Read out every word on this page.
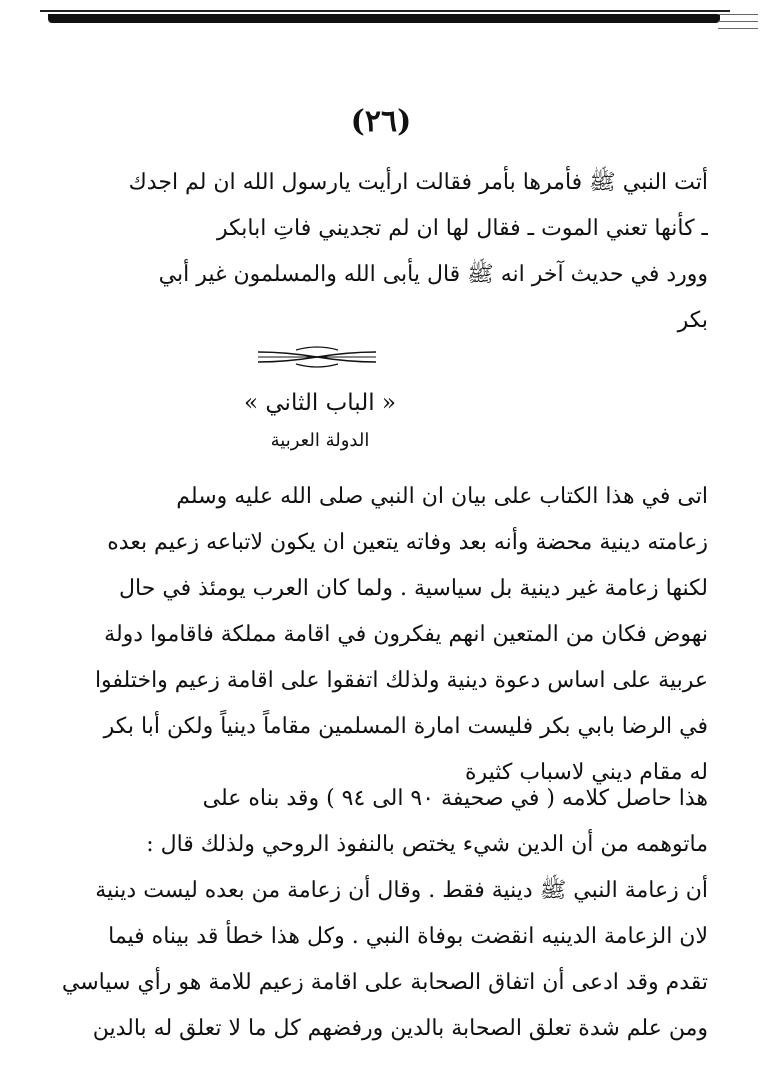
(٢٦)
أتت النبي ﷺ فأمرها بأمر فقالت ارأيت يارسول الله ان لم اجدك
ـ كأنها تعني الموت ـ فقال لها ان لم تجديني فاتِ ابابكر
وورد في حديث آخر انه ﷺ قال يأبى الله والمسلمون غير أبي
بكر
« الباب الثاني »
الدولة العربية
اتى في هذا الكتاب على بيان ان النبي صلى الله عليه وسلم
زعامته دينية محضة وأنه بعد وفاته يتعين ان يكون لاتباعه زعيم بعده
لكنها زعامة غير دينية بل سياسية . ولما كان العرب يومئذ في حال
نهوض فكان من المتعين انهم يفكرون في اقامة مملكة فاقاموا دولة
عربية على اساس دعوة دينية ولذلك اتفقوا على اقامة زعيم واختلفوا
في الرضا بابي بكر فليست امارة المسلمين مقاماً دينياً ولكن أبا بكر
له مقام ديني لاسباب كثيرة
هذا حاصل كلامه ( في صحيفة ٩٠ الى ٩٤ ) وقد بناه على
ماتوهمه من أن الدين شيء يختص بالنفوذ الروحي ولذلك قال :
أن زعامة النبي ﷺ دينية فقط . وقال أن زعامة من بعده ليست دينية
لان الزعامة الدينيه انقضت بوفاة النبي . وكل هذا خطأ قد بيناه فيما
تقدم وقد ادعى أن اتفاق الصحابة على اقامة زعيم للامة هو رأي سياسي
ومن علم شدة تعلق الصحابة بالدين ورفضهم كل ما لا تعلق له بالدين
